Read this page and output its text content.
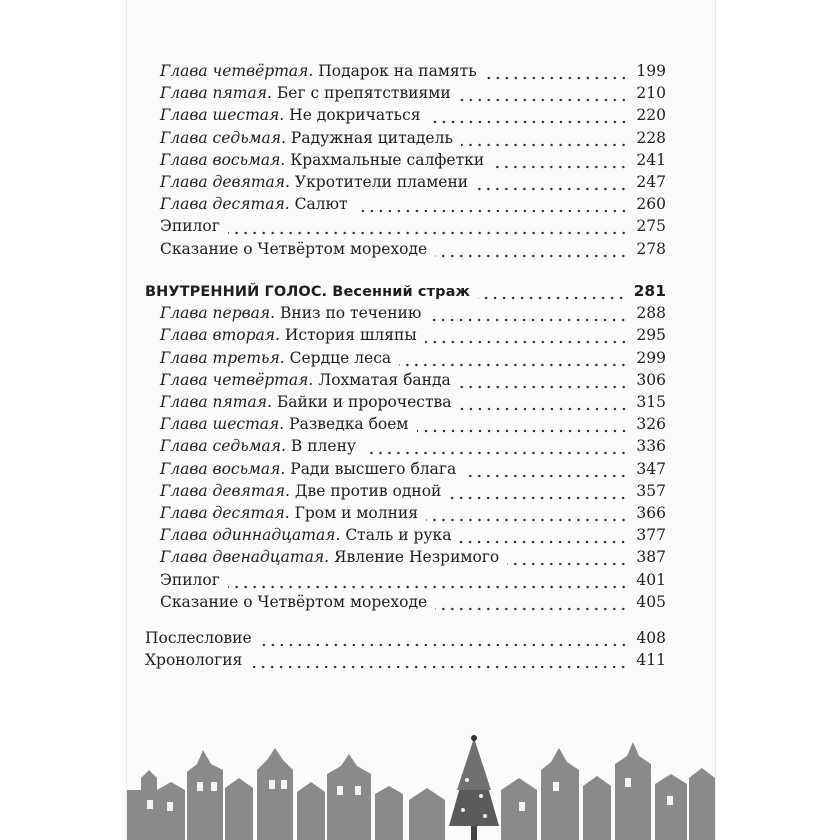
Глава четвёртая. Подарок на память	199
Глава пятая. Бег с препятствиями	210
Глава шестая. Не докричаться	220
Глава седьмая. Радужная цитадель	228
Глава восьмая. Крахмальные салфетки	241
Глава девятая. Укротители пламени	247
Глава десятая. Салют	260
Эпилог	275
Сказание о Четвёртом мореходе	278
ВНУТРЕННИЙ ГОЛОС. Весенний страж	281
Глава первая. Вниз по течению	288
Глава вторая. История шляпы	295
Глава третья. Сердце леса	299
Глава четвёртая. Лохматая банда	306
Глава пятая. Байки и пророчества	315
Глава шестая. Разведка боем	326
Глава седьмая. В плену	336
Глава восьмая. Ради высшего блага	347
Глава девятая. Две против одной	357
Глава десятая. Гром и молния	366
Глава одиннадцатая. Сталь и рука	377
Глава двенадцатая. Явление Незримого	387
Эпилог	401
Сказание о Четвёртом мореходе	405
Послесловие	408
Хронология	411
